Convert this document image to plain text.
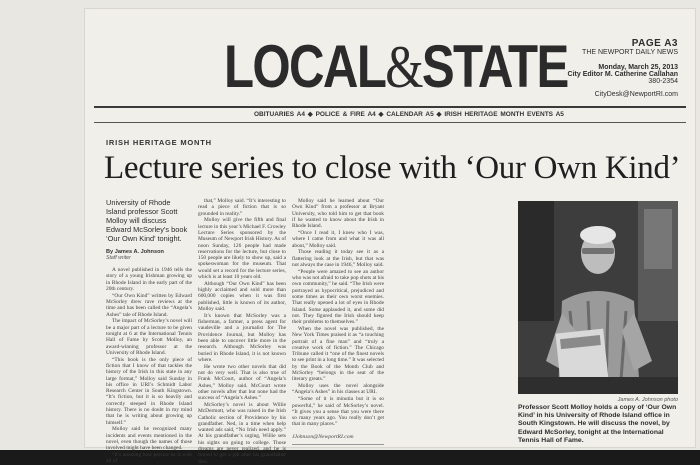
LOCAL&STATE	PAGE A3
THE NEWPORT DAILY NEWS
Monday, March 25, 2013
City Editor M. Catherine Callahan
380-2354
CityDesk@NewportRI.com
OBITUARIES A4 ◆ POLICE & FIRE A4 ◆ CALENDAR A5 ◆ IRISH HERITAGE MONTH EVENTS A5
IRISH HERITAGE MONTH
Lecture series to close with ‘Our Own Kind’
University of Rhode Island professor Scott Molloy will discuss Edward McSorley’s book ‘Our Own Kind’ tonight.
By James A. Johnson
Staff writer

A novel published in 1946 tells the story of a young Irishman growing up in Rhode Island in the early part of the 20th century.

“Our Own Kind” written by Edward McSorley drew rave reviews at the time and has been called the “Angela’s Ashes” tale of Rhode Island.

The impact of McSorley’s novel will be a major part of a lecture to be given tonight at 6 at the International Tennis Hall of Fame by Scott Molloy, an award-winning professor at the University of Rhode Island.

“This book is the only piece of fiction that I know of that tackles the history of the Irish in this state in any large format,” Molloy said Sunday in his office in URI’s Schmidt Labor Research Center in South Kingstown. “It’s fiction, but it is so heavily and correctly steeped in Rhode Island history. There is no doubt in my mind that he is writing about growing up himself.”

Molloy said he recognized many incidents and events mentioned in the novel, even though the names of those involved might have been changed.

“It’s amazing how precise he is with all of

that,” Molloy said. “It’s interesting to read a piece of fiction that is so grounded in reality.”

Molloy will give the fifth and final lecture in this year’s Michael F. Crowley Lecture Series sponsored by the Museum of Newport Irish History. As of noon Sunday, 126 people had made reservations for the lecture, but close to 150 people are likely to show up, said a spokeswoman for the museum. That would set a record for the lecture series, which is at least 10 years old.

Although “Our Own Kind” has been highly acclaimed and sold more than 600,000 copies when it was first published, little is known of its author, Molloy said.

It’s known that McSorley was a fisherman, a farmer, a press agent for vaudeville and a journalist for The Providence Journal, but Molloy has been able to uncover little more in the research. Although McSorley was buried in Rhode Island, it is not known where.

He wrote two other novels that did not do very well. That is also true of Frank McCourt, author of “Angela’s Ashes,” Molloy said. McCourt wrote other novels after that but none had the success of “Angela’s Ashes.”

McSorley’s novel is about Willie McDermott, who was raised in the Irish Catholic section of Providence by his grandfather. Ned, in a time when help wanted ads said, “No Irish need apply.” At his grandfather’s urging, Willie sets his sights on going to college. Those dreams are never realized, and he is forced to get a job after his grandfather dies.

Molloy said he learned about “Our Own Kind” from a professor at Bryant University, who told him to get that book if he wanted to know about the Irish in Rhode Island.

“Once I read it, I knew who I was, where I came from and what it was all about,” Molloy said.

Those reading it today see it as a flattering look at the Irish, but that was not always the case in 1946,” Molloy said.

“People were amazed to see an author who was not afraid to take pop shots at his own community,” he said. “The Irish were portrayed as hypocritical, prejudiced and some times as their own worst enemies. That really opened a lot of eyes in Rhode Island. Some applauded it, and some did not. They figured the Irish should keep their problems to themselves.”

When the novel was published, the New York Times praised it as “a touching portrait of a fine man” and “truly a creative work of fiction.” The Chicago Tribune called it “one of the finest novels to see print in a long time.” It was selected by the Book of the Month Club and McSorley “belongs in the seat of the literary greats.”

Molloy uses the novel alongside “Angela’s Ashes” in his classes at URI.

“Some of it is minutia but it is so powerful,” he said of McSorley’s novel. “It gives you a sense that you were there so many years ago. You really don’t get that in many places.”

JJohnson@NewportRI.com
James A. Johnson photo
Professor Scott Molloy holds a copy of ‘Our Own Kind’ in his University of Rhode Island office in South Kingstown. He will discuss the novel, by Edward McSorley, tonight at the International Tennis Hall of Fame.
